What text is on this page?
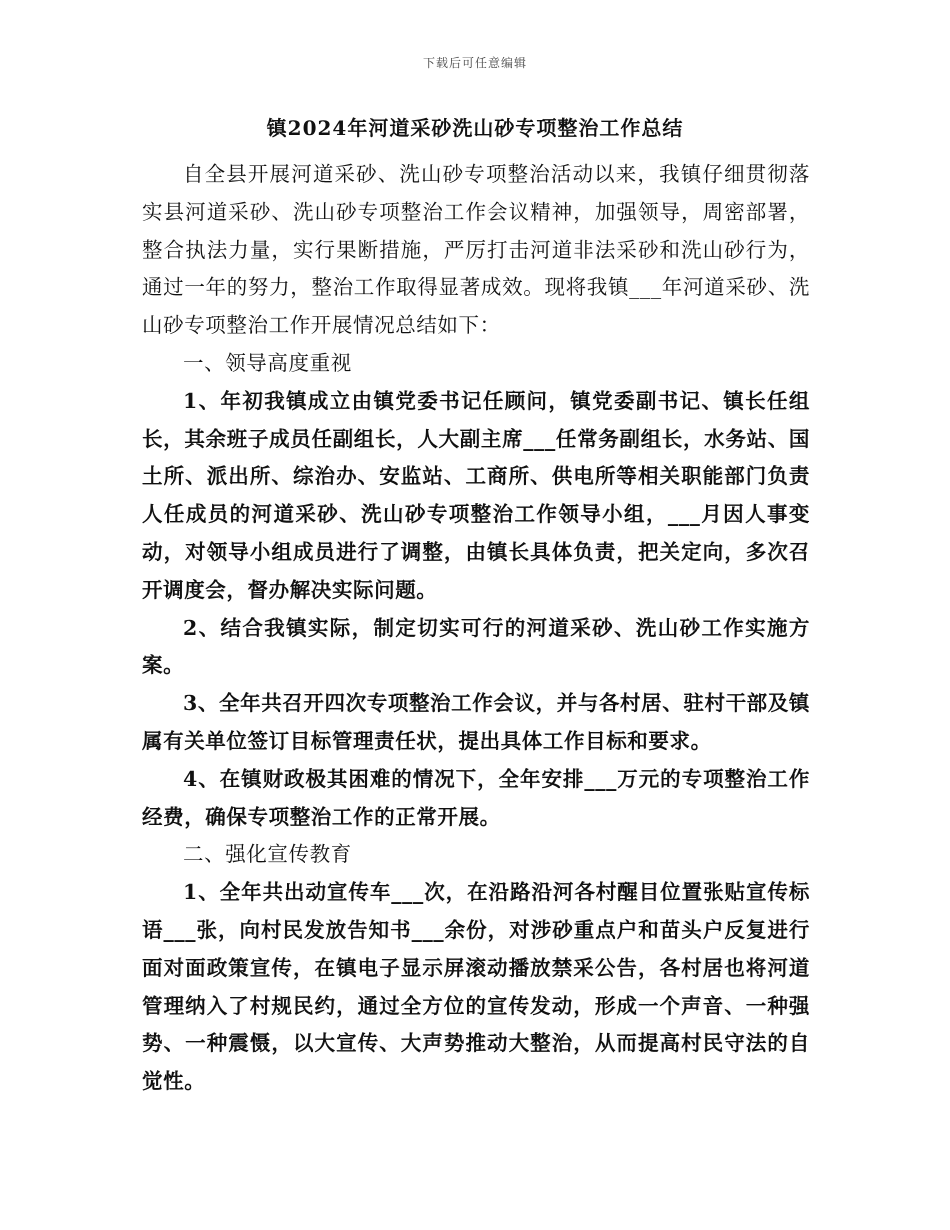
下载后可任意编辑
镇2024年河道采砂洗山砂专项整治工作总结

自全县开展河道采砂、洗山砂专项整治活动以来，我镇仔细贯彻落实县河道采砂、洗山砂专项整治工作会议精神，加强领导，周密部署，整合执法力量，实行果断措施，严厉打击河道非法采砂和洗山砂行为，通过一年的努力，整治工作取得显著成效。现将我镇___年河道采砂、洗山砂专项整治工作开展情况总结如下：

一、领导高度重视

1、年初我镇成立由镇党委书记任顾问，镇党委副书记、镇长任组长，其余班子成员任副组长，人大副主席___任常务副组长，水务站、国土所、派出所、综治办、安监站、工商所、供电所等相关职能部门负责人任成员的河道采砂、洗山砂专项整治工作领导小组，___月因人事变动，对领导小组成员进行了调整，由镇长具体负责，把关定向，多次召开调度会，督办解决实际问题。

2、结合我镇实际，制定切实可行的河道采砂、洗山砂工作实施方案。

3、全年共召开四次专项整治工作会议，并与各村居、驻村干部及镇属有关单位签订目标管理责任状，提出具体工作目标和要求。

4、在镇财政极其困难的情况下，全年安排___万元的专项整治工作经费，确保专项整治工作的正常开展。

二、强化宣传教育

1、全年共出动宣传车___次，在沿路沿河各村醒目位置张贴宣传标语___张，向村民发放告知书___余份，对涉砂重点户和苗头户反复进行面对面政策宣传，在镇电子显示屏滚动播放禁采公告，各村居也将河道管理纳入了村规民约，通过全方位的宣传发动，形成一个声音、一种强势、一种震慑，以大宣传、大声势推动大整治，从而提高村民守法的自觉性。
